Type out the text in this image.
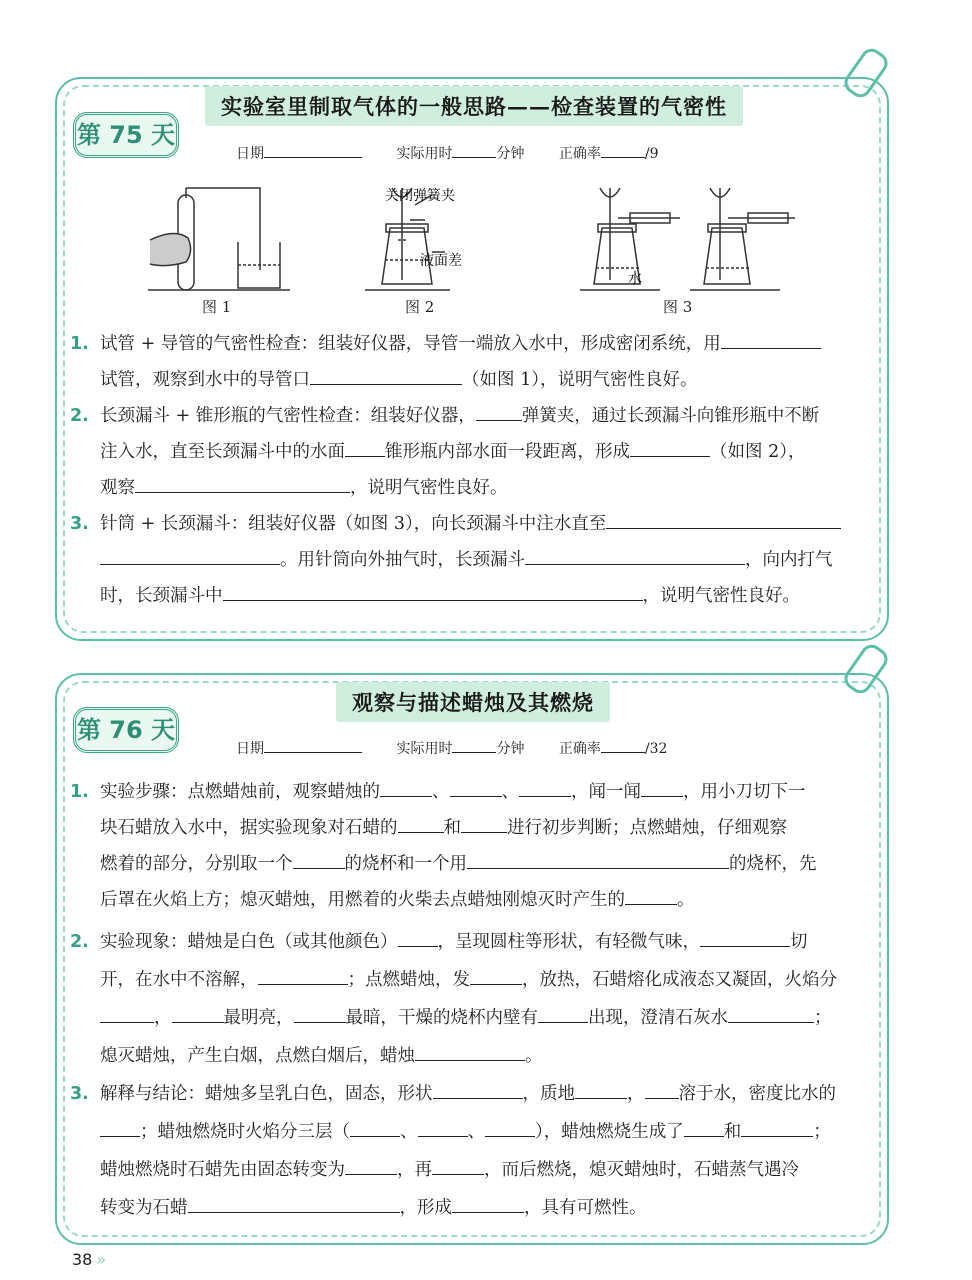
实验室里制取气体的一般思路——检查装置的气密性
第 75 天
日期	实际用时	分钟 正确率	/9
关闭弹簧夹
液面差
水
图 1	图 2	图 3
1. 试管 + 导管的气密性检查：组装好仪器，导管一端放入水中，形成密闭系统，用
试管，观察到水中的导管口	（如图 1），说明气密性良好。
2. 长颈漏斗 + 锥形瓶的气密性检查：组装好仪器，	弹簧夹，通过长颈漏斗向锥形瓶中不断
注入水，直至长颈漏斗中的水面 锥形瓶内部水面一段距离，形成	（如图 2），
观察	，说明气密性良好。
3. 针筒 + 长颈漏斗：组装好仪器（如图 3），向长颈漏斗中注水直至
。用针筒向外抽气时，长颈漏斗	，向内打气
时，长颈漏斗中	，说明气密性良好。
观察与描述蜡烛及其燃烧
第 76 天
日期	实际用时	分钟 正确率	/32
1. 实验步骤：点燃蜡烛前，观察蜡烛的	、	、	，闻一闻 ，用小刀切下一
块石蜡放入水中，据实验现象对石蜡的	和	进行初步判断；点燃蜡烛，仔细观察
燃着的部分，分别取一个	的烧杯和一个用	的烧杯，先
后罩在火焰上方；熄灭蜡烛，用燃着的火柴去点蜡烛刚熄灭时产生的	。
2. 实验现象：蜡烛是白色（或其他颜色） ，呈现圆柱等形状，有轻微气味，	切
开，在水中不溶解，	；点燃蜡烛，发	，放热，石蜡熔化成液态又凝固，火焰分
，	最明亮，	最暗，干燥的烧杯内壁有	出现，澄清石灰水	；
熄灭蜡烛，产生白烟，点燃白烟后，蜡烛	。
3. 解释与结论：蜡烛多呈乳白色，固态，形状	，质地	， 溶于水，密度比水的
；蜡烛燃烧时火焰分三层（	、	、	），蜡烛燃烧生成了 和	；
蜡烛燃烧时石蜡先由固态转变为	，再	，而后燃烧，熄灭蜡烛时，石蜡蒸气遇冷
转变为石蜡	，形成	，具有可燃性。
38 »
